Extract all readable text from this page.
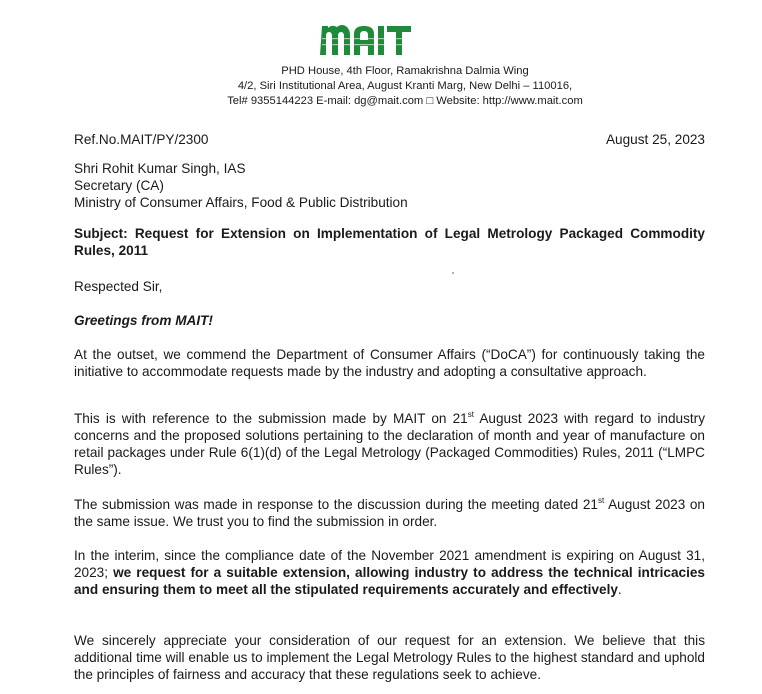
PHD House, 4th Floor, Ramakrishna Dalmia Wing
4/2, Siri Institutional Area, August Kranti Marg, New Delhi – 110016,
Tel# 9355144223 E-mail: dg@mait.com □ Website: http://www.mait.com
Ref.No.MAIT/PY/2300	August 25, 2023
Shri Rohit Kumar Singh, IAS
Secretary (CA)
Ministry of Consumer Affairs, Food & Public Distribution
Subject: Request for Extension on Implementation of Legal Metrology Packaged Commodity Rules, 2011
Respected Sir,
Greetings from MAIT!
At the outset, we commend the Department of Consumer Affairs (“DoCA”) for continuously taking the initiative to accommodate requests made by the industry and adopting a consultative approach.
This is with reference to the submission made by MAIT on 21st August 2023 with regard to industry concerns and the proposed solutions pertaining to the declaration of month and year of manufacture on retail packages under Rule 6(1)(d) of the Legal Metrology (Packaged Commodities) Rules, 2011 (“LMPC Rules”).
The submission was made in response to the discussion during the meeting dated 21st August 2023 on the same issue. We trust you to find the submission in order.
In the interim, since the compliance date of the November 2021 amendment is expiring on August 31, 2023; we request for a suitable extension, allowing industry to address the technical intricacies and ensuring them to meet all the stipulated requirements accurately and effectively.
We sincerely appreciate your consideration of our request for an extension. We believe that this additional time will enable us to implement the Legal Metrology Rules to the highest standard and uphold the principles of fairness and accuracy that these regulations seek to achieve.
